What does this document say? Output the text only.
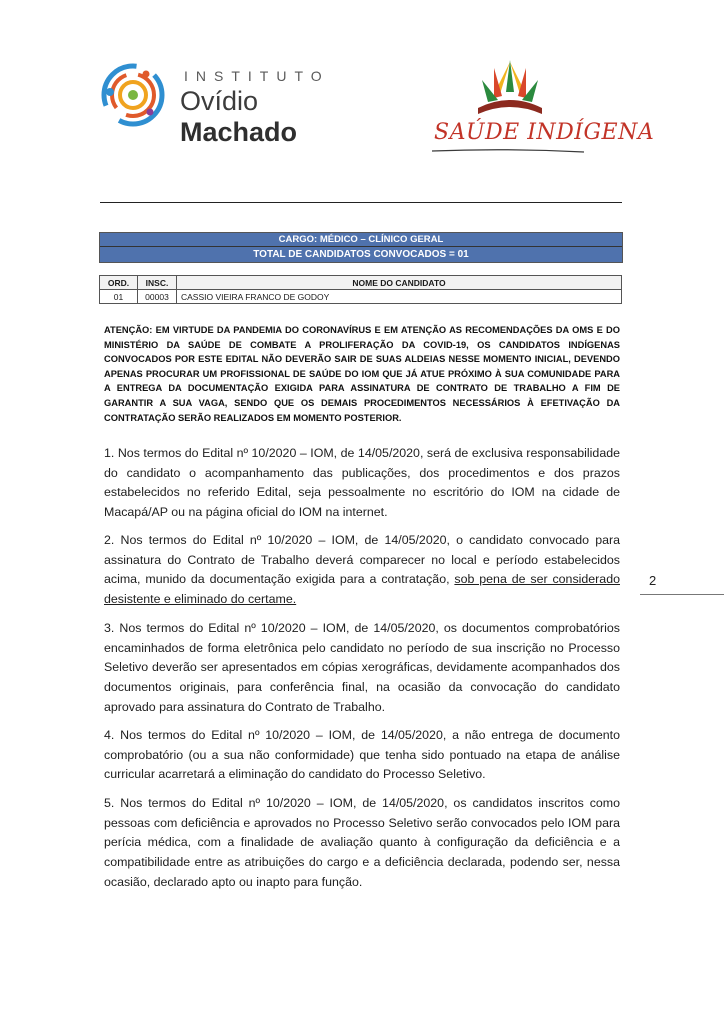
INSTITUTO
Ovídio Machado	SAÚDE INDÍGENA
CARGO: MÉDICO – CLÍNICO GERAL
TOTAL DE CANDIDATOS CONVOCADOS = 01
ORD.	INSC.	NOME DO CANDIDATO
01	00003	CASSIO VIEIRA FRANCO DE GODOY
ATENÇÃO: EM VIRTUDE DA PANDEMIA DO CORONAVÍRUS E EM ATENÇÃO AS RECOMENDAÇÕES DA OMS E DO MINISTÉRIO DA SAÚDE DE COMBATE A PROLIFERAÇÃO DA COVID-19, OS CANDIDATOS INDÍGENAS CONVOCADOS POR ESTE EDITAL NÃO DEVERÃO SAIR DE SUAS ALDEIAS NESSE MOMENTO INICIAL, DEVENDO APENAS PROCURAR UM PROFISSIONAL DE SAÚDE DO IOM QUE JÁ ATUE PRÓXIMO À SUA COMUNIDADE PARA A ENTREGA DA DOCUMENTAÇÃO EXIGIDA PARA ASSINATURA DE CONTRATO DE TRABALHO A FIM DE GARANTIR A SUA VAGA, SENDO QUE OS DEMAIS PROCEDIMENTOS NECESSÁRIOS À EFETIVAÇÃO DA CONTRATAÇÃO SERÃO REALIZADOS EM MOMENTO POSTERIOR.
1. Nos termos do Edital nº 10/2020 – IOM, de 14/05/2020, será de exclusiva responsabilidade do candidato o acompanhamento das publicações, dos procedimentos e dos prazos estabelecidos no referido Edital, seja pessoalmente no escritório do IOM na cidade de Macapá/AP ou na página oficial do IOM na internet.
2. Nos termos do Edital nº 10/2020 – IOM, de 14/05/2020, o candidato convocado para assinatura do Contrato de Trabalho deverá comparecer no local e período estabelecidos acima, munido da documentação exigida para a contratação, sob pena de ser considerado desistente e eliminado do certame.
3. Nos termos do Edital nº 10/2020 – IOM, de 14/05/2020, os documentos comprobatórios encaminhados de forma eletrônica pelo candidato no período de sua inscrição no Processo Seletivo deverão ser apresentados em cópias xerográficas, devidamente acompanhados dos documentos originais, para conferência final, na ocasião da convocação do candidato aprovado para assinatura do Contrato de Trabalho.
4. Nos termos do Edital nº 10/2020 – IOM, de 14/05/2020, a não entrega de documento comprobatório (ou a sua não conformidade) que tenha sido pontuado na etapa de análise curricular acarretará a eliminação do candidato do Processo Seletivo.
5. Nos termos do Edital nº 10/2020 – IOM, de 14/05/2020, os candidatos inscritos como pessoas com deficiência e aprovados no Processo Seletivo serão convocados pelo IOM para perícia médica, com a finalidade de avaliação quanto à configuração da deficiência e a compatibilidade entre as atribuições do cargo e a deficiência declarada, podendo ser, nessa ocasião, declarado apto ou inapto para função.
2
